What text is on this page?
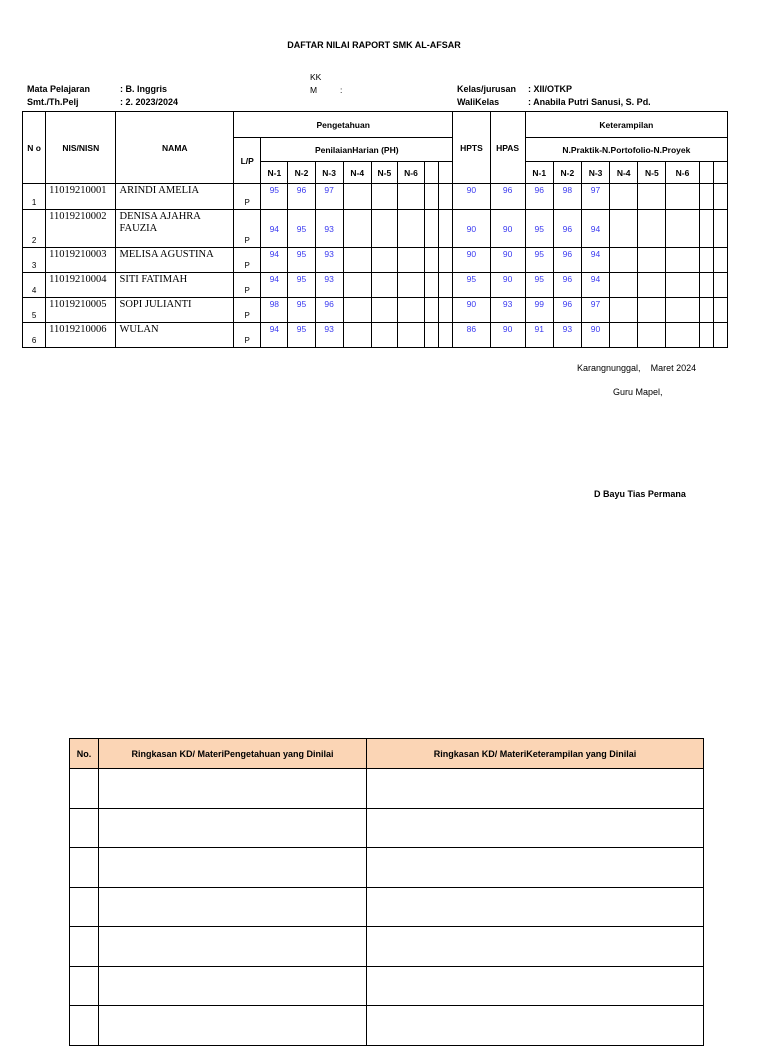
DAFTAR NILAI RAPORT SMK AL-AFSAR
Mata Pelajaran	: B. Inggris
Smt./Th.Pelj	: 2. 2023/2024
KK
M	:	Kelas/jurusan : XII/OTKP
WaliKelas	: Anabila Putri Sanusi, S. Pd.
N o	NIS/NISN	NAMA	Pengetahuan									HPTS	HPAS	Keterampilan							
			L/P	PenilaianHarian (PH)										N.Praktik-N.Portofolio-N.Proyek							
				N-1	N-2	N-3	N-4	N-5	N-6					N-1	N-2	N-3	N-4	N-5	N-6		
1	11019210001	ARINDI AMELIA	P	95	96	97						90	96	96	98	97					
2	11019210002	DENISA AJAHRA FAUZIA	P	94	95	93						90	90	95	96	94					
3	11019210003	MELISA AGUSTINA	P	94	95	93						90	90	95	96	94					
4	11019210004	SITI FATIMAH	P	94	95	93						95	90	95	96	94					
5	11019210005	SOPI JULIANTI	P	98	95	96						90	93	99	96	97					
6	11019210006	WULAN	P	94	95	93						86	90	91	93	90					
Karangnunggal, Maret 2024
Guru Mapel,
D Bayu Tias Permana
No.	Ringkasan KD/ MateriPengetahuan yang Dinilai	Ringkasan KD/ MateriKeterampilan yang Dinilai
